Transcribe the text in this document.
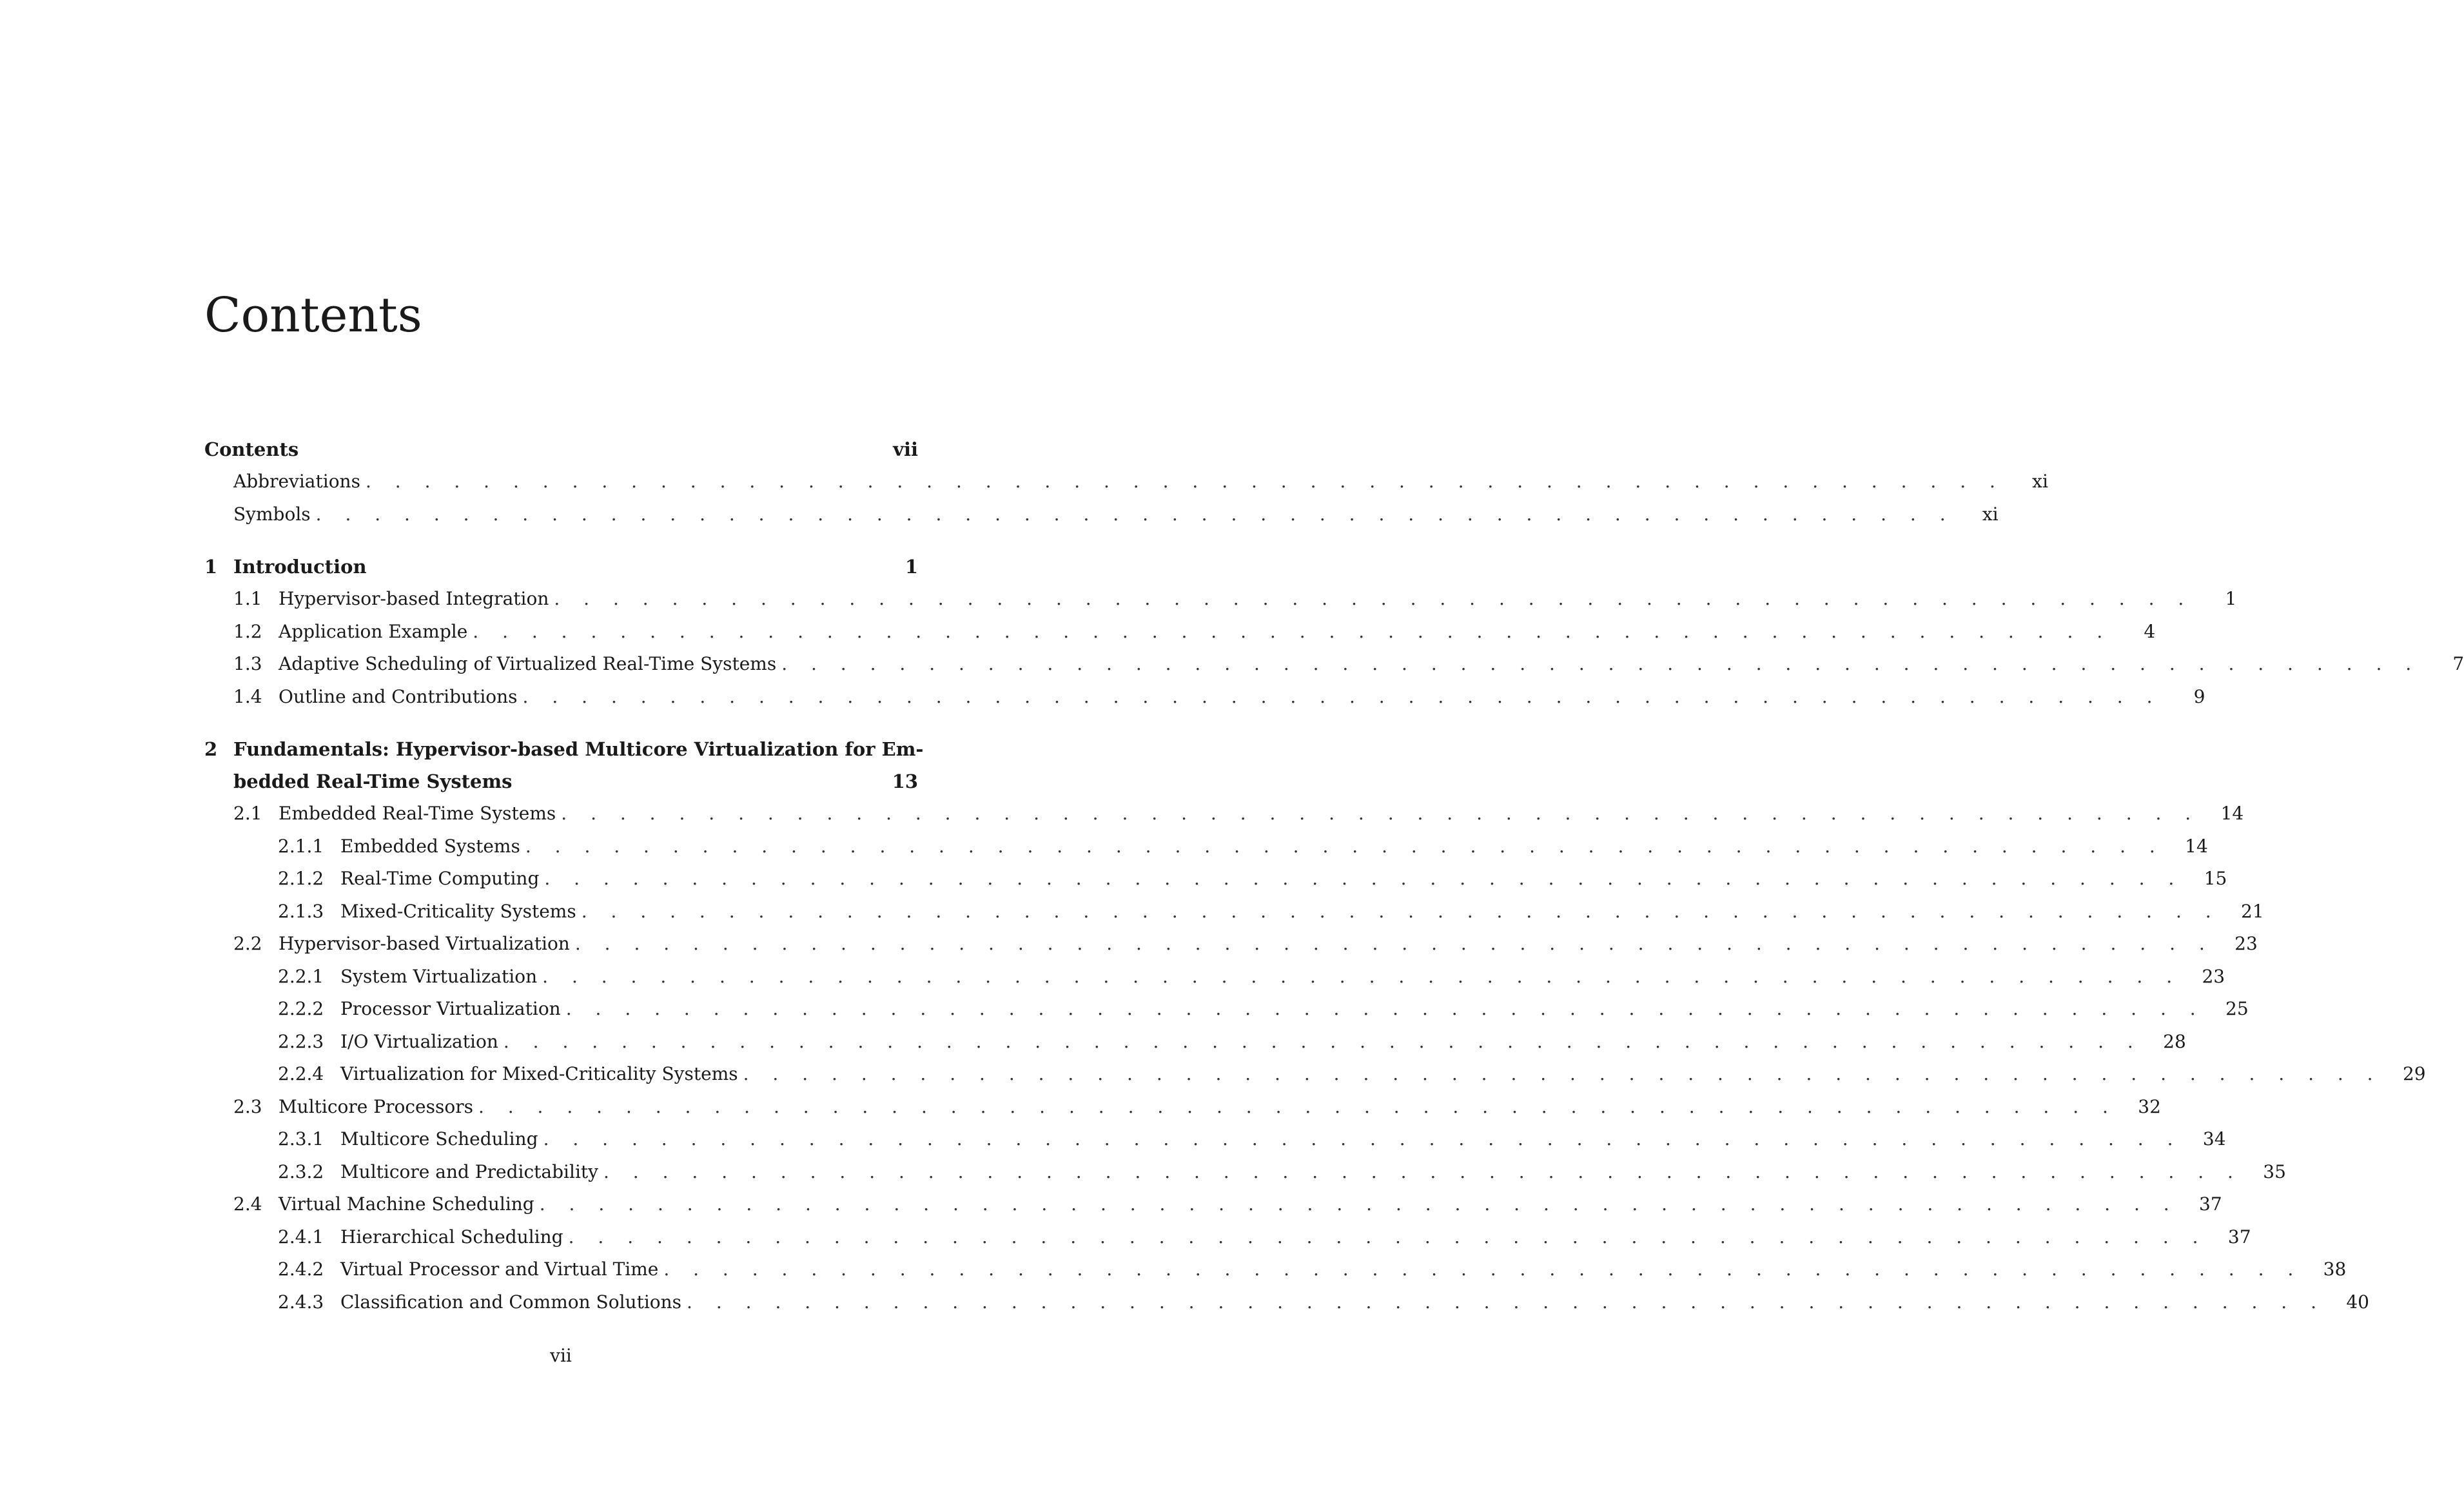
Contents
Contents	vii
Abbreviations . . . . . . . . . . . . . . . . . . . . . . . . . . . . . . . . . . . . . . . . . . . . . . . . . . . . . . . .	xi
Symbols . . . . . . . . . . . . . . . . . . . . . . . . . . . . . . . . . . . . . . . . . . . . . . . . . . . . . . . .	xi
1 Introduction	1
1.1 Hypervisor-based Integration . . . . . . . . . . . . . . . . . . . . . . . . . . . . . . . . . . . . . . . . . . . . . . . . . . . . . . . .	1
1.2 Application Example . . . . . . . . . . . . . . . . . . . . . . . . . . . . . . . . . . . . . . . . . . . . . . . . . . . . . . . .	4
1.3 Adaptive Scheduling of Virtualized Real-Time Systems . . . . . . . . . . . . . . . . . . . . . . . . . . . . . . . . . . . . . . . . . . . . . . . . . . . . . . . .	7
1.4 Outline and Contributions . . . . . . . . . . . . . . . . . . . . . . . . . . . . . . . . . . . . . . . . . . . . . . . . . . . . . . . .	9
2 Fundamentals: Hypervisor-based Multicore Virtualization for Em-
bedded Real-Time Systems	13
2.1 Embedded Real-Time Systems . . . . . . . . . . . . . . . . . . . . . . . . . . . . . . . . . . . . . . . . . . . . . . . . . . . . . . . . 14
2.1.1 Embedded Systems . . . . . . . . . . . . . . . . . . . . . . . . . . . . . . . . . . . . . . . . . . . . . . . . . . . . . . . . 14
2.1.2 Real-Time Computing . . . . . . . . . . . . . . . . . . . . . . . . . . . . . . . . . . . . . . . . . . . . . . . . . . . . . . . . 15
2.1.3 Mixed-Criticality Systems . . . . . . . . . . . . . . . . . . . . . . . . . . . . . . . . . . . . . . . . . . . . . . . . . . . . . . . . 21
2.2 Hypervisor-based Virtualization . . . . . . . . . . . . . . . . . . . . . . . . . . . . . . . . . . . . . . . . . . . . . . . . . . . . . . . . 23
2.2.1 System Virtualization . . . . . . . . . . . . . . . . . . . . . . . . . . . . . . . . . . . . . . . . . . . . . . . . . . . . . . . . 23
2.2.2 Processor Virtualization . . . . . . . . . . . . . . . . . . . . . . . . . . . . . . . . . . . . . . . . . . . . . . . . . . . . . . . . 25
2.2.3 I/O Virtualization . . . . . . . . . . . . . . . . . . . . . . . . . . . . . . . . . . . . . . . . . . . . . . . . . . . . . . . . 28
2.2.4 Virtualization for Mixed-Criticality Systems . . . . . . . . . . . . . . . . . . . . . . . . . . . . . . . . . . . . . . . . . . . . . . . . . . . . . . . . 29
2.3 Multicore Processors . . . . . . . . . . . . . . . . . . . . . . . . . . . . . . . . . . . . . . . . . . . . . . . . . . . . . . . . 32
2.3.1 Multicore Scheduling . . . . . . . . . . . . . . . . . . . . . . . . . . . . . . . . . . . . . . . . . . . . . . . . . . . . . . . . 34
2.3.2 Multicore and Predictability . . . . . . . . . . . . . . . . . . . . . . . . . . . . . . . . . . . . . . . . . . . . . . . . . . . . . . . . 35
2.4 Virtual Machine Scheduling . . . . . . . . . . . . . . . . . . . . . . . . . . . . . . . . . . . . . . . . . . . . . . . . . . . . . . . . 37
2.4.1 Hierarchical Scheduling . . . . . . . . . . . . . . . . . . . . . . . . . . . . . . . . . . . . . . . . . . . . . . . . . . . . . . . . 37
2.4.2 Virtual Processor and Virtual Time . . . . . . . . . . . . . . . . . . . . . . . . . . . . . . . . . . . . . . . . . . . . . . . . . . . . . . . . 38
2.4.3 Classification and Common Solutions . . . . . . . . . . . . . . . . . . . . . . . . . . . . . . . . . . . . . . . . . . . . . . . . . . . . . . . . 40
vii
